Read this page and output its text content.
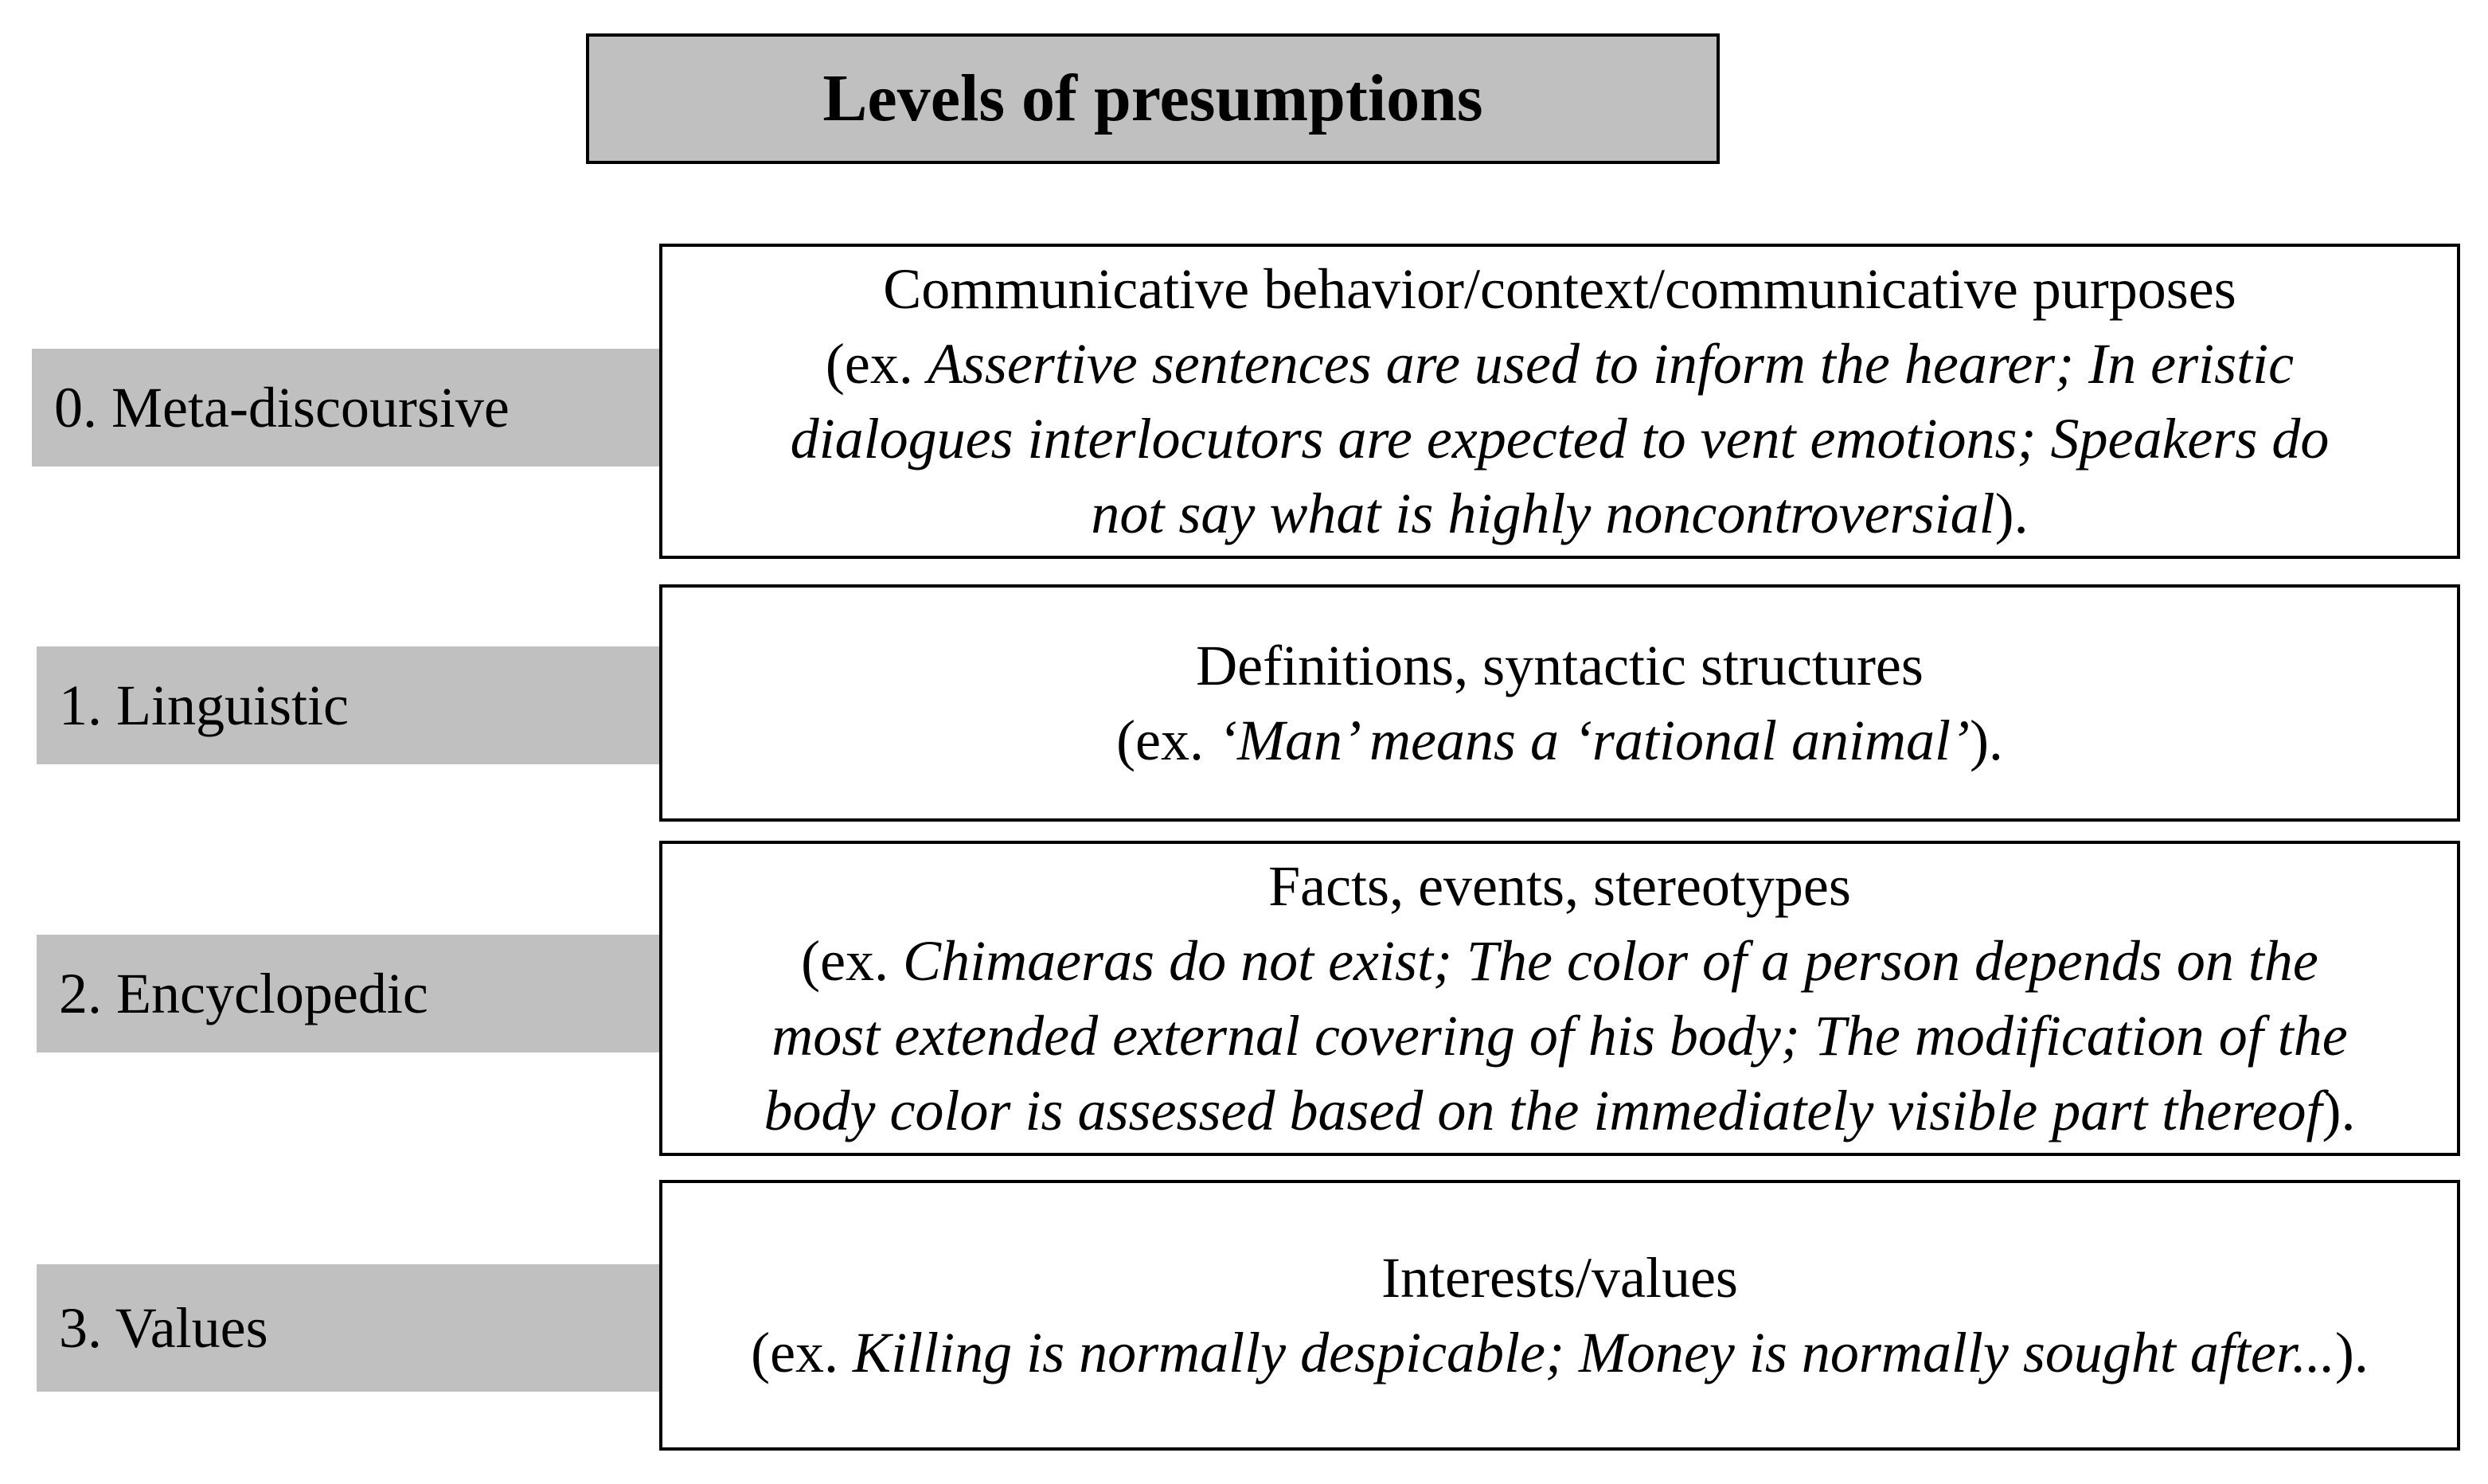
Levels of presumptions
0. Meta-discoursive
Communicative behavior/context/communicative purposes
(ex. Assertive sentences are used to inform the hearer; In eristic
dialogues interlocutors are expected to vent emotions; Speakers do
not say what is highly noncontroversial).
1. Linguistic
Definitions, syntactic structures
(ex. ‘Man’ means a ‘rational animal’).
2. Encyclopedic
Facts, events, stereotypes
(ex. Chimaeras do not exist; The color of a person depends on the
most extended external covering of his body; The modification of the
body color is assessed based on the immediately visible part thereof).
3. Values
Interests/values
(ex. Killing is normally despicable; Money is normally sought after...).
